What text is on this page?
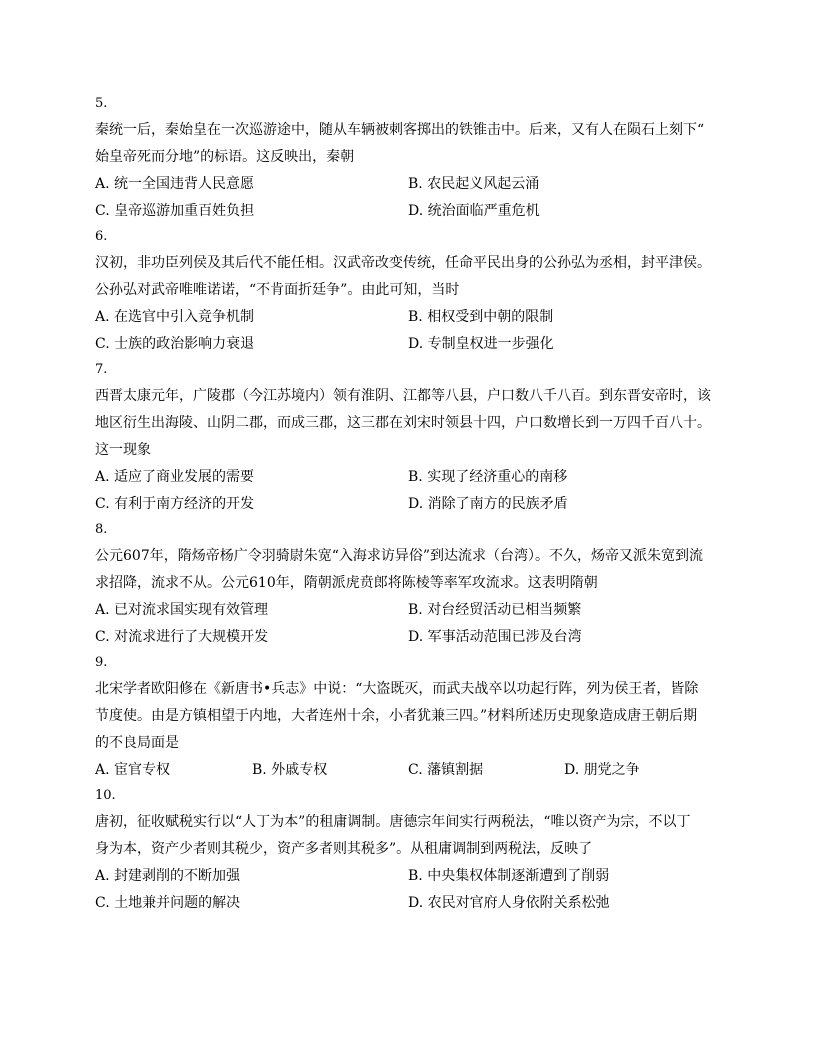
5.
秦统一后，秦始皇在一次巡游途中，随从车辆被刺客掷出的铁锥击中。后来，又有人在陨石上刻下“
始皇帝死而分地”的标语。这反映出，秦朝
A. 统一全国违背人民意愿	B. 农民起义风起云涌
C. 皇帝巡游加重百姓负担	D. 统治面临严重危机
6.
汉初，非功臣列侯及其后代不能任相。汉武帝改变传统，任命平民出身的公孙弘为丞相，封平津侯。
公孙弘对武帝唯唯诺诺，“不肯面折廷争”。由此可知，当时
A. 在选官中引入竞争机制	B. 相权受到中朝的限制
C. 士族的政治影响力衰退	D. 专制皇权进一步强化
7.
西晋太康元年，广陵郡（今江苏境内）领有淮阴、江都等八县，户口数八千八百。到东晋安帝时，该
地区衍生出海陵、山阴二郡，而成三郡，这三郡在刘宋时领县十四，户口数增长到一万四千百八十。
这一现象
A. 适应了商业发展的需要	B. 实现了经济重心的南移
C. 有利于南方经济的开发	D. 消除了南方的民族矛盾
8.
公元607年，隋炀帝杨广令羽骑尉朱宽“入海求访异俗”到达流求（台湾）。不久，炀帝又派朱宽到流
求招降，流求不从。公元610年，隋朝派虎贲郎将陈棱等率军攻流求。这表明隋朝
A. 已对流求国实现有效管理	B. 对台经贸活动已相当频繁
C. 对流求进行了大规模开发	D. 军事活动范围已涉及台湾
9.
北宋学者欧阳修在《新唐书•兵志》中说：“大盗既灭，而武夫战卒以功起行阵，列为侯王者，皆除
节度使。由是方镇相望于内地，大者连州十余，小者犹兼三四。”材料所述历史现象造成唐王朝后期
的不良局面是
A. 宦官专权	B. 外戚专权	C. 藩镇割据	D. 朋党之争
10.
唐初，征收赋税实行以“人丁为本”的租庸调制。唐德宗年间实行两税法，“唯以资产为宗，不以丁
身为本，资产少者则其税少，资产多者则其税多”。从租庸调制到两税法，反映了
A. 封建剥削的不断加强	B. 中央集权体制逐渐遭到了削弱
C. 土地兼并问题的解决	D. 农民对官府人身依附关系松弛
